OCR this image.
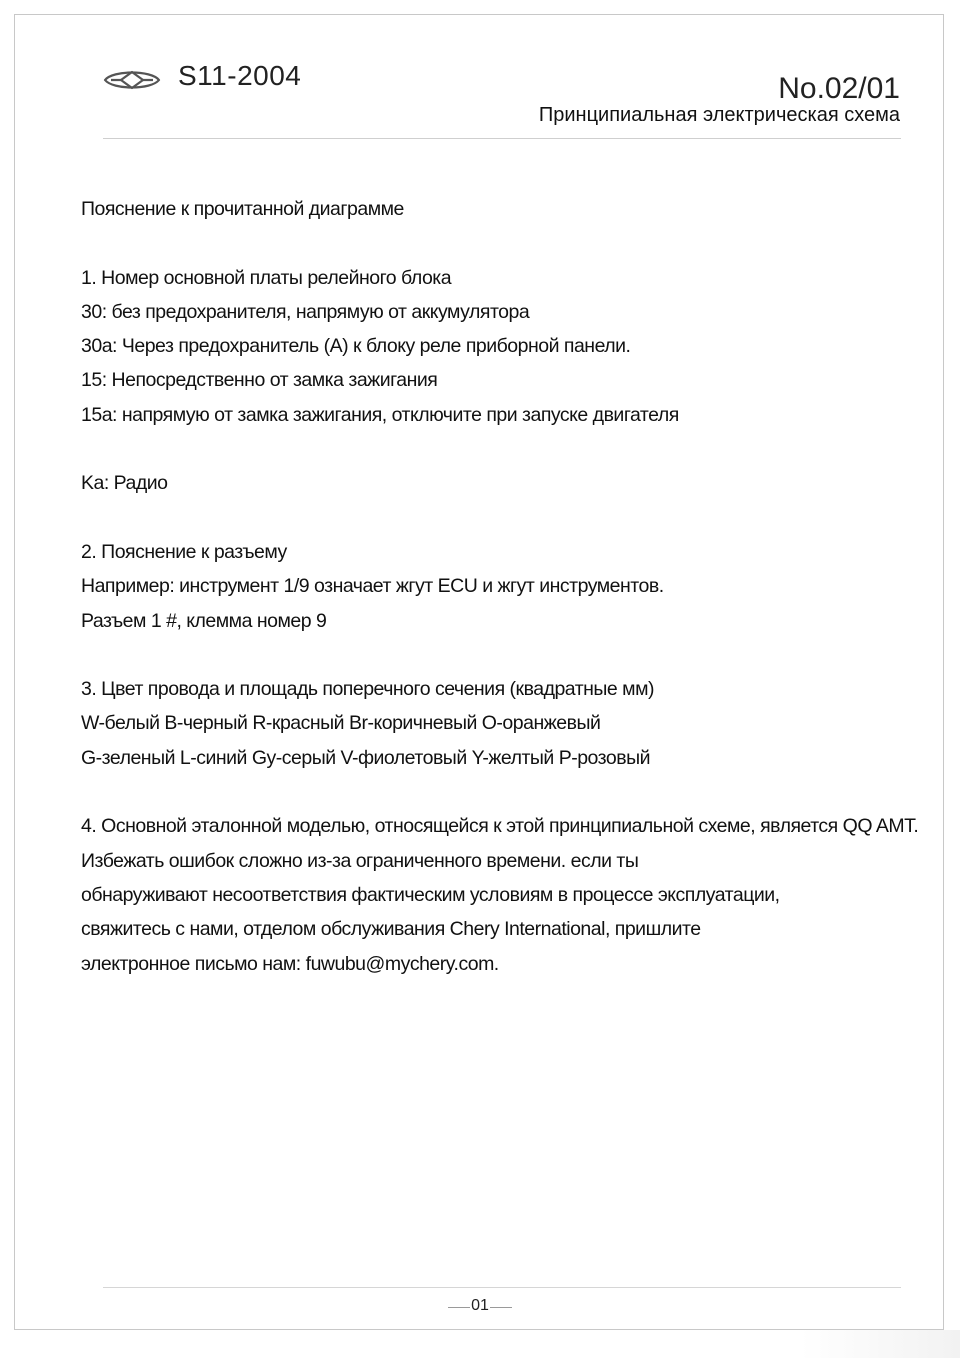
S11-2004	No.02/01
Принципиальная электрическая схема
Пояснение к прочитанной диаграмме
1. Номер основной платы релейного блока
30: без предохранителя, напрямую от аккумулятора
30a: Через предохранитель (А) к блоку реле приборной панели.
15: Непосредственно от замка зажигания
15a: напрямую от замка зажигания, отключите при запуске двигателя
Ka: Радио
2. Пояснение к разъему
Например: инструмент 1/9 означает жгут ECU и жгут инструментов.
Разъем 1 #, клемма номер 9
3. Цвет провода и площадь поперечного сечения (квадратные мм)
W-белый B-черный R-красный Br-коричневый O-оранжевый
G-зеленый L-синий Gy-серый V-фиолетовый Y-желтый P-розовый
4. Основной эталонной моделью, относящейся к этой принципиальной схеме, является QQ AMT.
Избежать ошибок сложно из-за ограниченного времени. если ты
обнаруживают несоответствия фактическим условиям в процессе эксплуатации,
свяжитесь с нами, отделом обслуживания Chery International, пришлите
электронное письмо нам: fuwubu@mychery.com.
01
